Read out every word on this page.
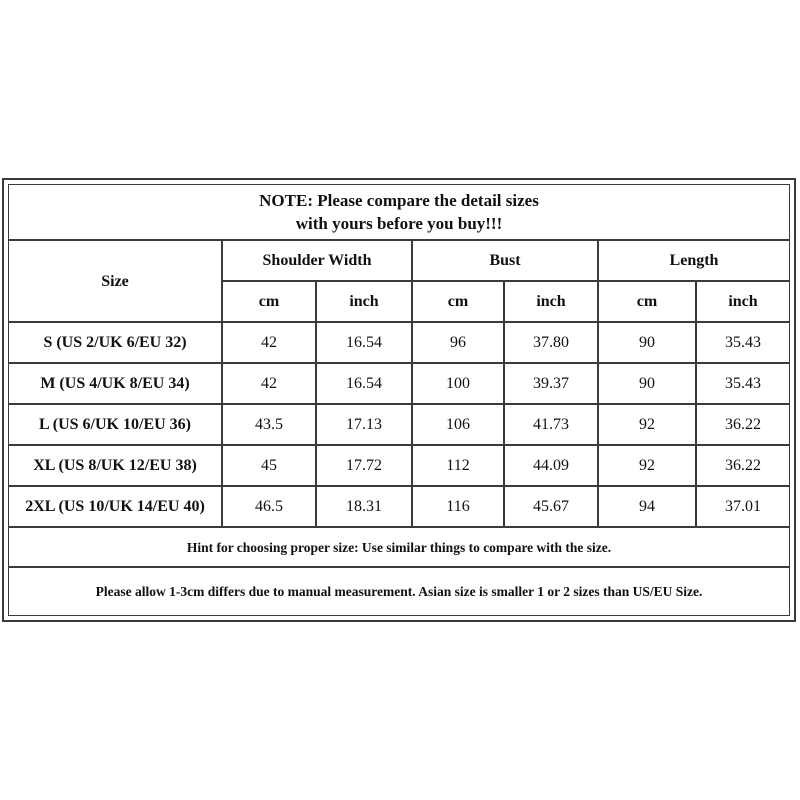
NOTE: Please compare the detail sizes
with yours before you buy!!!
Size
Shoulder Width	Bust	Length
cm	inch	cm	inch	cm	inch
S (US 2/UK 6/EU 32)	42	16.54	96	37.80	90	35.43
M (US 4/UK 8/EU 34)	42	16.54	100	39.37	90	35.43
L (US 6/UK 10/EU 36)	43.5	17.13	106	41.73	92	36.22
XL (US 8/UK 12/EU 38)	45	17.72	112	44.09	92	36.22
2XL (US 10/UK 14/EU 40)	46.5	18.31	116	45.67	94	37.01
Hint for choosing proper size: Use similar things to compare with the size.
Please allow 1-3cm differs due to manual measurement. Asian size is smaller 1 or 2 sizes than US/EU Size.
